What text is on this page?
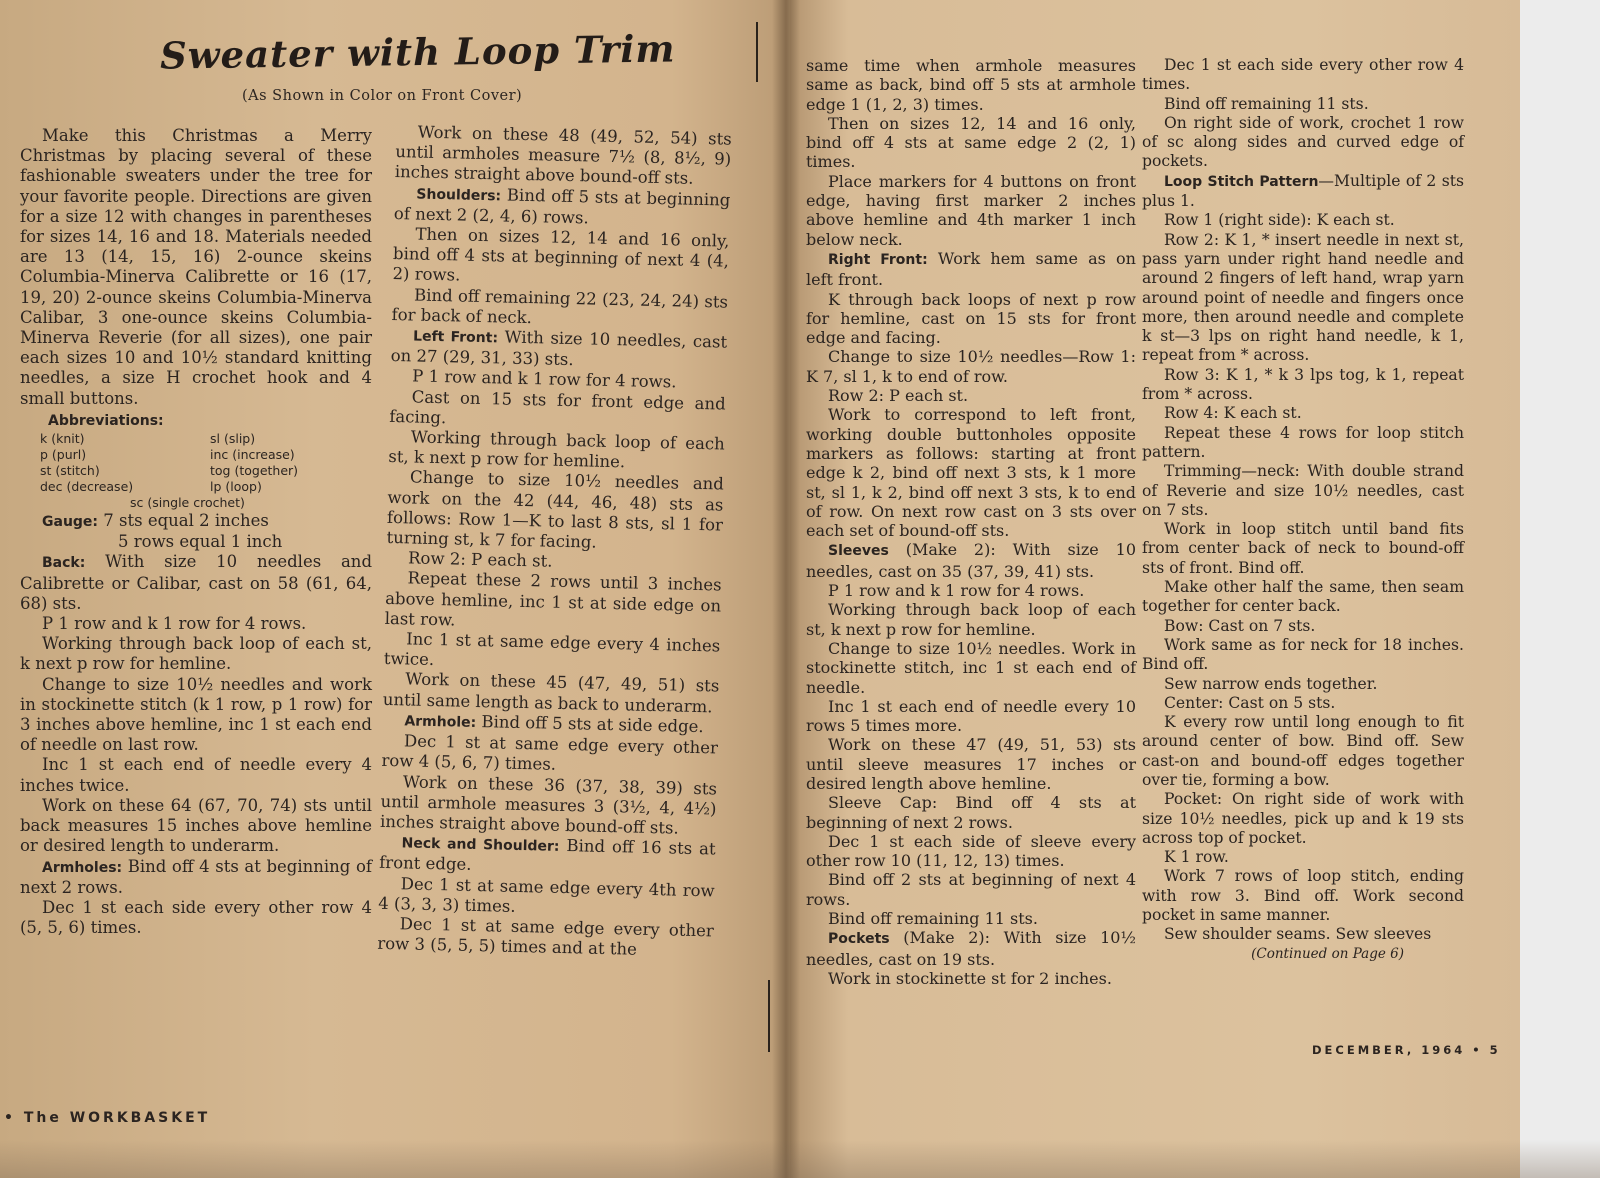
Sweater with Loop Trim
(As Shown in Color on Front Cover)

Make this Christmas a Merry Christmas by placing several of these fashionable sweaters under the tree for your favorite people. Directions are given for a size 12 with changes in parentheses for sizes 14, 16 and 18. Materials needed are 13 (14, 15, 16) 2-ounce skeins Columbia-Minerva Calibrette or 16 (17, 19, 20) 2-ounce skeins Columbia-Minerva Calibar, 3 one-ounce skeins Columbia-Minerva Reverie (for all sizes), one pair each sizes 10 and 10½ standard knitting needles, a size H crochet hook and 4 small buttons.

Abbreviations:
k (knit)	sl (slip)
p (purl)	inc (increase)
st (stitch)	tog (together)
dec (decrease)	lp (loop)
sc (single crochet)
Gauge: 7 sts equal 2 inches
5 rows equal 1 inch

Back: With size 10 needles and Calibrette or Calibar, cast on 58 (61, 64, 68) sts.

P 1 row and k 1 row for 4 rows.

Working through back loop of each st, k next p row for hemline.

Change to size 10½ needles and work in stockinette stitch (k 1 row, p 1 row) for 3 inches above hemline, inc 1 st each end of needle on last row.

Inc 1 st each end of needle every 4 inches twice.

Work on these 64 (67, 70, 74) sts until back measures 15 inches above hemline or desired length to underarm.

Armholes: Bind off 4 sts at beginning of next 2 rows.

Dec 1 st each side every other row 4 (5, 5, 6) times.

Work on these 48 (49, 52, 54) sts until armholes measure 7½ (8, 8½, 9) inches straight above bound-off sts.

Shoulders: Bind off 5 sts at beginning of next 2 (2, 4, 6) rows.

Then on sizes 12, 14 and 16 only, bind off 4 sts at beginning of next 4 (4, 2) rows.

Bind off remaining 22 (23, 24, 24) sts for back of neck.

Left Front: With size 10 needles, cast on 27 (29, 31, 33) sts.

P 1 row and k 1 row for 4 rows.

Cast on 15 sts for front edge and facing.

Working through back loop of each st, k next p row for hemline.

Change to size 10½ needles and work on the 42 (44, 46, 48) sts as follows: Row 1—K to last 8 sts, sl 1 for turning st, k 7 for facing.

Row 2: P each st.

Repeat these 2 rows until 3 inches above hemline, inc 1 st at side edge on last row.

Inc 1 st at same edge every 4 inches twice.

Work on these 45 (47, 49, 51) sts until same length as back to underarm.

Armhole: Bind off 5 sts at side edge.

Dec 1 st at same edge every other row 4 (5, 6, 7) times.

Work on these 36 (37, 38, 39) sts until armhole measures 3 (3½, 4, 4½) inches straight above bound-off sts.

Neck and Shoulder: Bind off 16 sts at front edge.

Dec 1 st at same edge every 4th row 4 (3, 3, 3) times.

Dec 1 st at same edge every other row 3 (5, 5, 5) times and at the

• The WORKBASKET

same time when armhole measures same as back, bind off 5 sts at armhole edge 1 (1, 2, 3) times.

Then on sizes 12, 14 and 16 only, bind off 4 sts at same edge 2 (2, 1) times.

Place markers for 4 buttons on front edge, having first marker 2 inches above hemline and 4th marker 1 inch below neck.

Right Front: Work hem same as on left front.

K through back loops of next p row for hemline, cast on 15 sts for front edge and facing.

Change to size 10½ needles—Row 1: K 7, sl 1, k to end of row.

Row 2: P each st.

Work to correspond to left front, working double buttonholes opposite markers as follows: starting at front edge k 2, bind off next 3 sts, k 1 more st, sl 1, k 2, bind off next 3 sts, k to end of row. On next row cast on 3 sts over each set of bound-off sts.

Sleeves (Make 2): With size 10 needles, cast on 35 (37, 39, 41) sts.

P 1 row and k 1 row for 4 rows.

Working through back loop of each st, k next p row for hemline.

Change to size 10½ needles. Work in stockinette stitch, inc 1 st each end of needle.

Inc 1 st each end of needle every 10 rows 5 times more.

Work on these 47 (49, 51, 53) sts until sleeve measures 17 inches or desired length above hemline.

Sleeve Cap: Bind off 4 sts at beginning of next 2 rows.

Dec 1 st each side of sleeve every other row 10 (11, 12, 13) times.

Bind off 2 sts at beginning of next 4 rows.

Bind off remaining 11 sts.

Pockets (Make 2): With size 10½ needles, cast on 19 sts.

Work in stockinette st for 2 inches.

Dec 1 st each side every other row 4 times.

Bind off remaining 11 sts.

On right side of work, crochet 1 row of sc along sides and curved edge of pockets.

Loop Stitch Pattern—Multiple of 2 sts plus 1.

Row 1 (right side): K each st.

Row 2: K 1, * insert needle in next st, pass yarn under right hand needle and around 2 fingers of left hand, wrap yarn around point of needle and fingers once more, then around needle and complete k st—3 lps on right hand needle, k 1, repeat from * across.

Row 3: K 1, * k 3 lps tog, k 1, repeat from * across.

Row 4: K each st.

Repeat these 4 rows for loop stitch pattern.

Trimming—neck: With double strand of Reverie and size 10½ needles, cast on 7 sts.

Work in loop stitch until band fits from center back of neck to bound-off sts of front. Bind off.

Make other half the same, then seam together for center back.

Bow: Cast on 7 sts.

Work same as for neck for 18 inches. Bind off.

Sew narrow ends together.

Center: Cast on 5 sts.

K every row until long enough to fit around center of bow. Bind off. Sew cast-on and bound-off edges together over tie, forming a bow.

Pocket: On right side of work with size 10½ needles, pick up and k 19 sts across top of pocket.

K 1 row.

Work 7 rows of loop stitch, ending with row 3. Bind off. Work second pocket in same manner.

Sew shoulder seams. Sew sleeves

(Continued on Page 6)
DECEMBER, 1964 • 5
